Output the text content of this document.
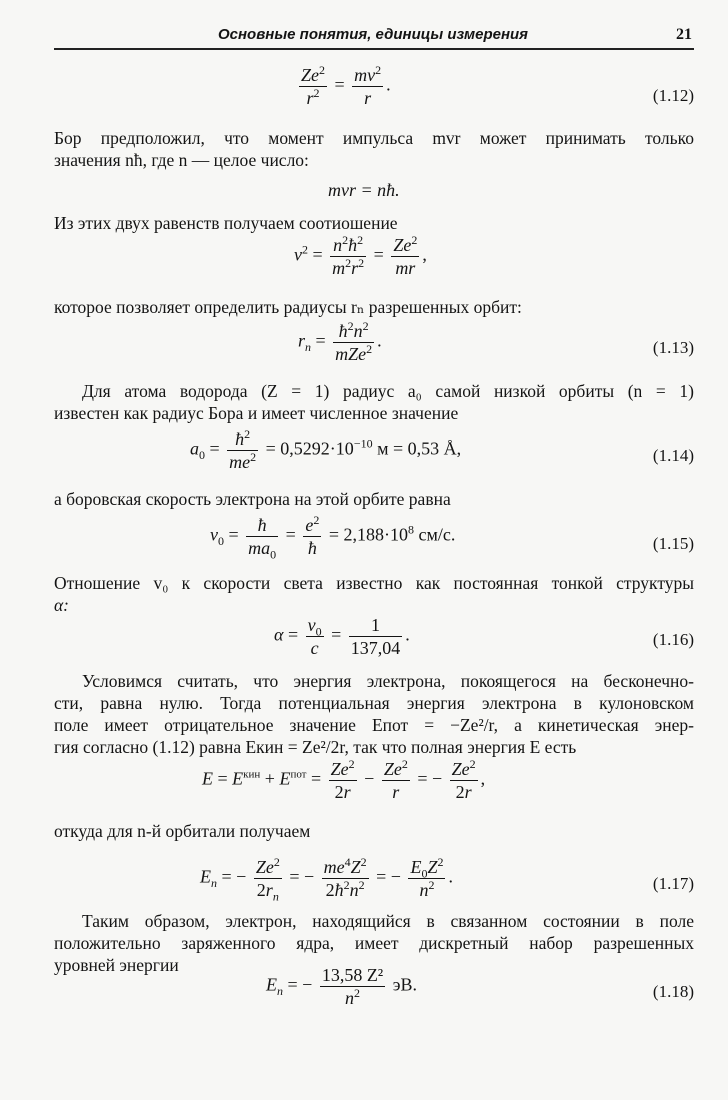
Основные понятия, единицы измерения	21
$\frac{Ze^2}{r^2} = \frac{mv^2}{r}$ .
(1.12)
Бор предположил, что момент импульса mvr может принимать только
значения nħ, где n — целое число:
mvr = nħ.
Из этих двух равенств получаем соотиошение
$v^2 = \frac{n^2ħ^2}{m^2r^2} = \frac{Ze^2}{mr}$ ,
которое позволяет определить радиусы rₙ разрешенных орбит:
$r_n = \frac{ħ^2n^2}{mZe^2}$ .	(1.13)
Для атома водорода (Z = 1) радиус a₀ самой низкой орбиты (n = 1)
известен как радиус Бора и имеет численное значение
$a_0 = \frac{ħ^2}{me^2} = 0,5292\cdot 10^{-10}$ м = 0,53 Å,	(1.14)
а боровская скорость электрона на этой орбите равна
$v_0 = \frac{ħ}{ma_0} = \frac{e^2}{ħ} = 2,188\cdot 10^8$ см/с.	(1.15)
Отношение v₀ к скорости света известно как постоянная тонкой структуры
α:
$\alpha = \frac{v_0}{c} = \frac{1}{137,04}$ .	(1.16)
Условимся считать, что энергия электрона, покоящегося на бесконечно-
сти, равна нулю. Тогда потенциальная энергия электрона в кулоновском
поле имеет отрицательное значение Eпот = −Ze²/r, а кинетическая энер-
гия согласно (1.12) равна Eкин = Ze²/2r, так что полная энергия E есть
$E = E^{кин} + E^{пот} = \frac{Ze^2}{2r} - \frac{Ze^2}{r}$ = − $\frac{Ze^2}{2r}$ ,
откуда для n-й орбитали получаем
$E_n$ = − $\frac{Ze^2}{2r_n}$ = − $\frac{me^4Z^2}{2ħ^2n^2}$ = − $\frac{E_0Z^2}{n^2}$ .	(1.17)
Таким образом, электрон, находящийся в связанном состоянии в поле
положительно заряженного ядра, имеет дискретный набор разрешенных
уровней энергии
$E_n$ = − $\frac{\text{13,58 Z²}}{n^2}$ эВ.	(1.18)
